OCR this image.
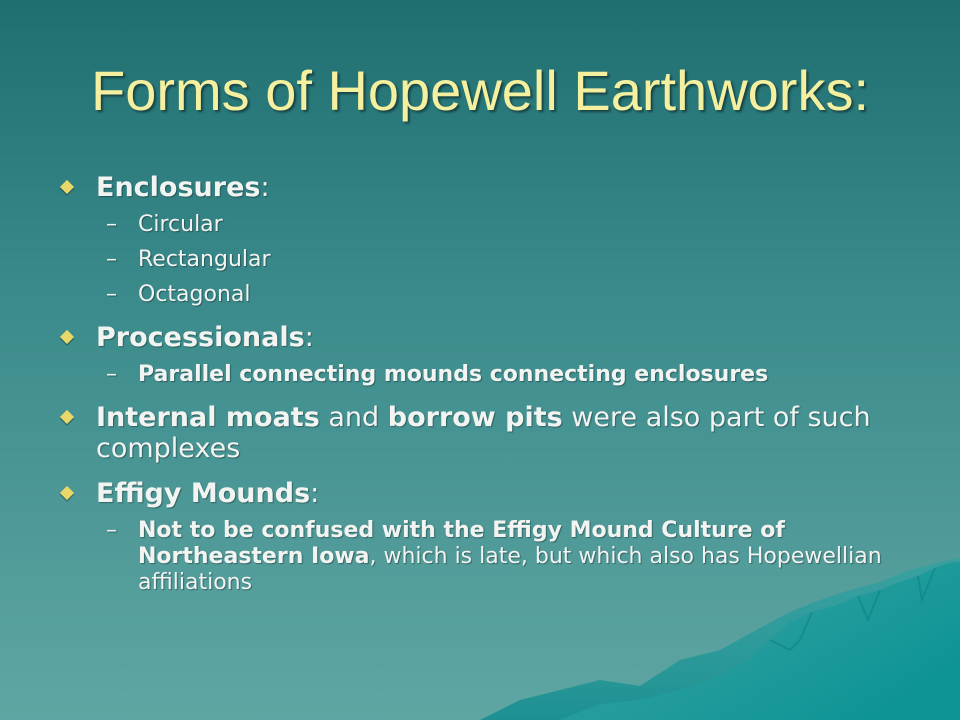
Forms of Hopewell Earthworks:

Enclosures:

– Circular

– Rectangular

– Octagonal

Processionals:

– Parallel connecting mounds connecting enclosures

Internal moats and borrow pits were also part of such complexes

Effigy Mounds:

– Not to be confused with the Effigy Mound Culture of Northeastern Iowa, which is late, but which also has Hopewellian affiliations
